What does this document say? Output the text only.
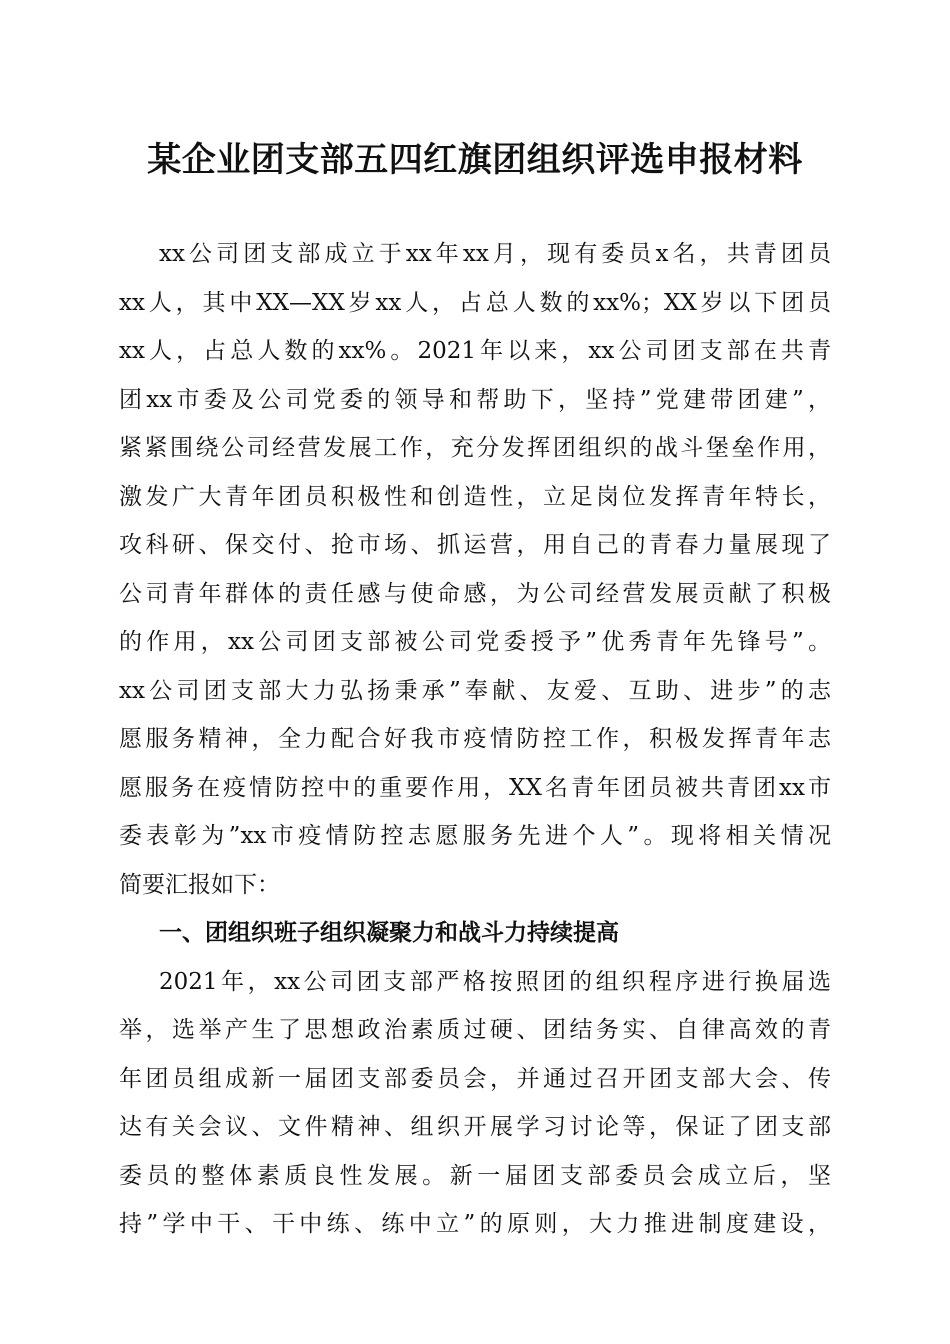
某企业团支部五四红旗团组织评选申报材料
xx公司团支部成立于xx年xx月，现有委员x名，共青团员
xx人，其中XX—XX岁xx人，占总人数的xx%；XX岁以下团员
xx人，占总人数的xx%。2021年以来，xx公司团支部在共青
团xx市委及公司党委的领导和帮助下，坚持”党建带团建”，
紧紧围绕公司经营发展工作，充分发挥团组织的战斗堡垒作用，
激发广大青年团员积极性和创造性，立足岗位发挥青年特长，
攻科研、保交付、抢市场、抓运营，用自己的青春力量展现了
公司青年群体的责任感与使命感，为公司经营发展贡献了积极
的作用，xx公司团支部被公司党委授予”优秀青年先锋号”。
xx公司团支部大力弘扬秉承”奉献、友爱、互助、进步”的志
愿服务精神，全力配合好我市疫情防控工作，积极发挥青年志
愿服务在疫情防控中的重要作用，XX名青年团员被共青团xx市
委表彰为”xx市疫情防控志愿服务先进个人”。现将相关情况
简要汇报如下：
一、团组织班子组织凝聚力和战斗力持续提高
2021年，xx公司团支部严格按照团的组织程序进行换届选
举，选举产生了思想政治素质过硬、团结务实、自律高效的青
年团员组成新一届团支部委员会，并通过召开团支部大会、传
达有关会议、文件精神、组织开展学习讨论等，保证了团支部
委员的整体素质良性发展。新一届团支部委员会成立后，坚
持”学中干、干中练、练中立”的原则，大力推进制度建设，
